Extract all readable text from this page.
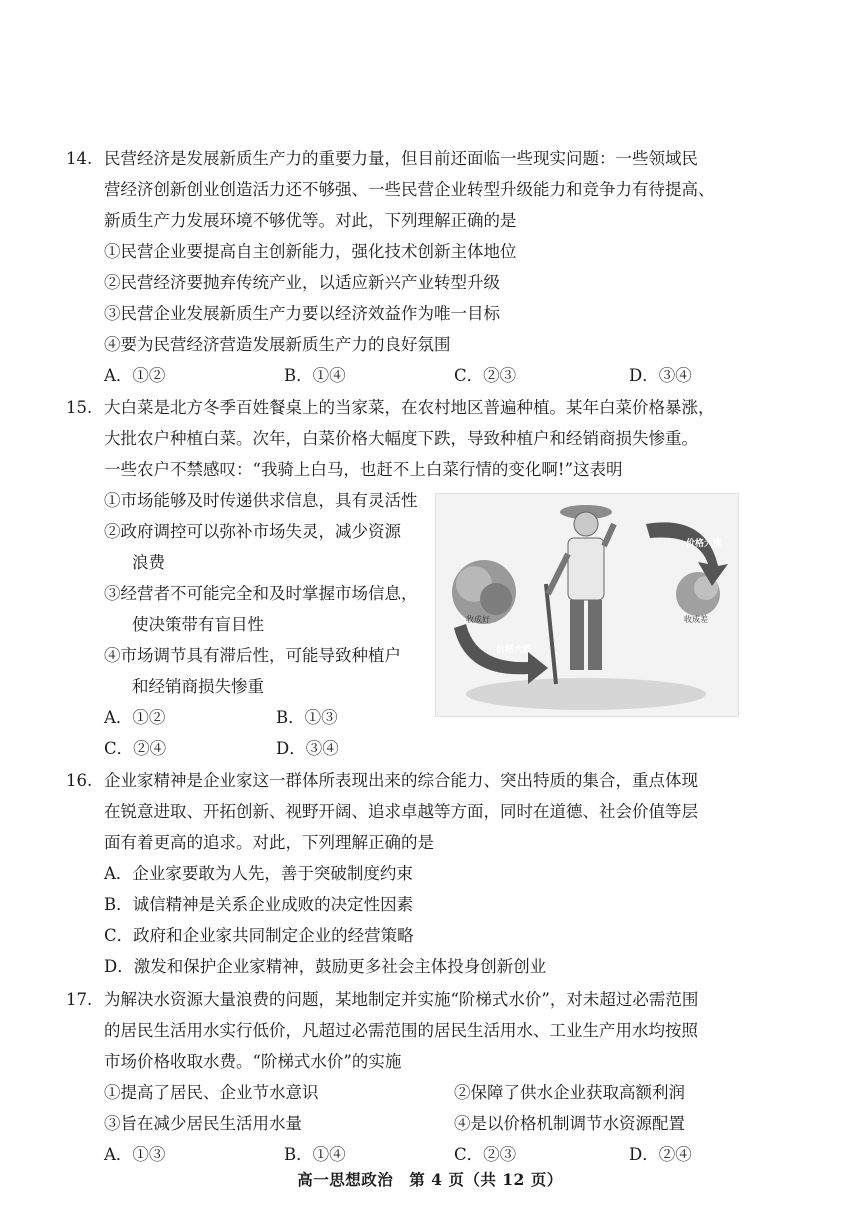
14. 民营经济是发展新质生产力的重要力量，但目前还面临一些现实问题：一些领域民
营经济创新创业创造活力还不够强、一些民营企业转型升级能力和竞争力有待提高、
新质生产力发展环境不够优等。对此，下列理解正确的是
①民营企业要提高自主创新能力，强化技术创新主体地位
②民营经济要抛弃传统产业，以适应新兴产业转型升级
③民营企业发展新质生产力要以经济效益作为唯一目标
④要为民营经济营造发展新质生产力的良好氛围
A．①②	B．①④	C．②③	D．③④
15. 大白菜是北方冬季百姓餐桌上的当家菜，在农村地区普遍种植。某年白菜价格暴涨，
大批农户种植白菜。次年，白菜价格大幅度下跌，导致种植户和经销商损失惨重。
一些农户不禁感叹：“我骑上白马，也赶不上白菜行情的变化啊!”这表明
①市场能够及时传递供求信息，具有灵活性
②政府调控可以弥补市场失灵，减少资源
浪费
③经营者不可能完全和及时掌握市场信息，
使决策带有盲目性
④市场调节具有滞后性，可能导致种植户
和经销商损失惨重
A．①②	B．①③
C．②④	D．③④
价格大涨
价格大跌
收成好	收成差
16. 企业家精神是企业家这一群体所表现出来的综合能力、突出特质的集合，重点体现
在锐意进取、开拓创新、视野开阔、追求卓越等方面，同时在道德、社会价值等层
面有着更高的追求。对此，下列理解正确的是
A．企业家要敢为人先，善于突破制度约束
B．诚信精神是关系企业成败的决定性因素
C．政府和企业家共同制定企业的经营策略
D．激发和保护企业家精神，鼓励更多社会主体投身创新创业
17. 为解决水资源大量浪费的问题，某地制定并实施“阶梯式水价”，对未超过必需范围
的居民生活用水实行低价，凡超过必需范围的居民生活用水、工业生产用水均按照
市场价格收取水费。“阶梯式水价”的实施
①提高了居民、企业节水意识	②保障了供水企业获取高额利润
③旨在减少居民生活用水量	④是以价格机制调节水资源配置
A．①③	B．①④	C．②③	D．②④
高一思想政治　第 4 页（共 12 页）
